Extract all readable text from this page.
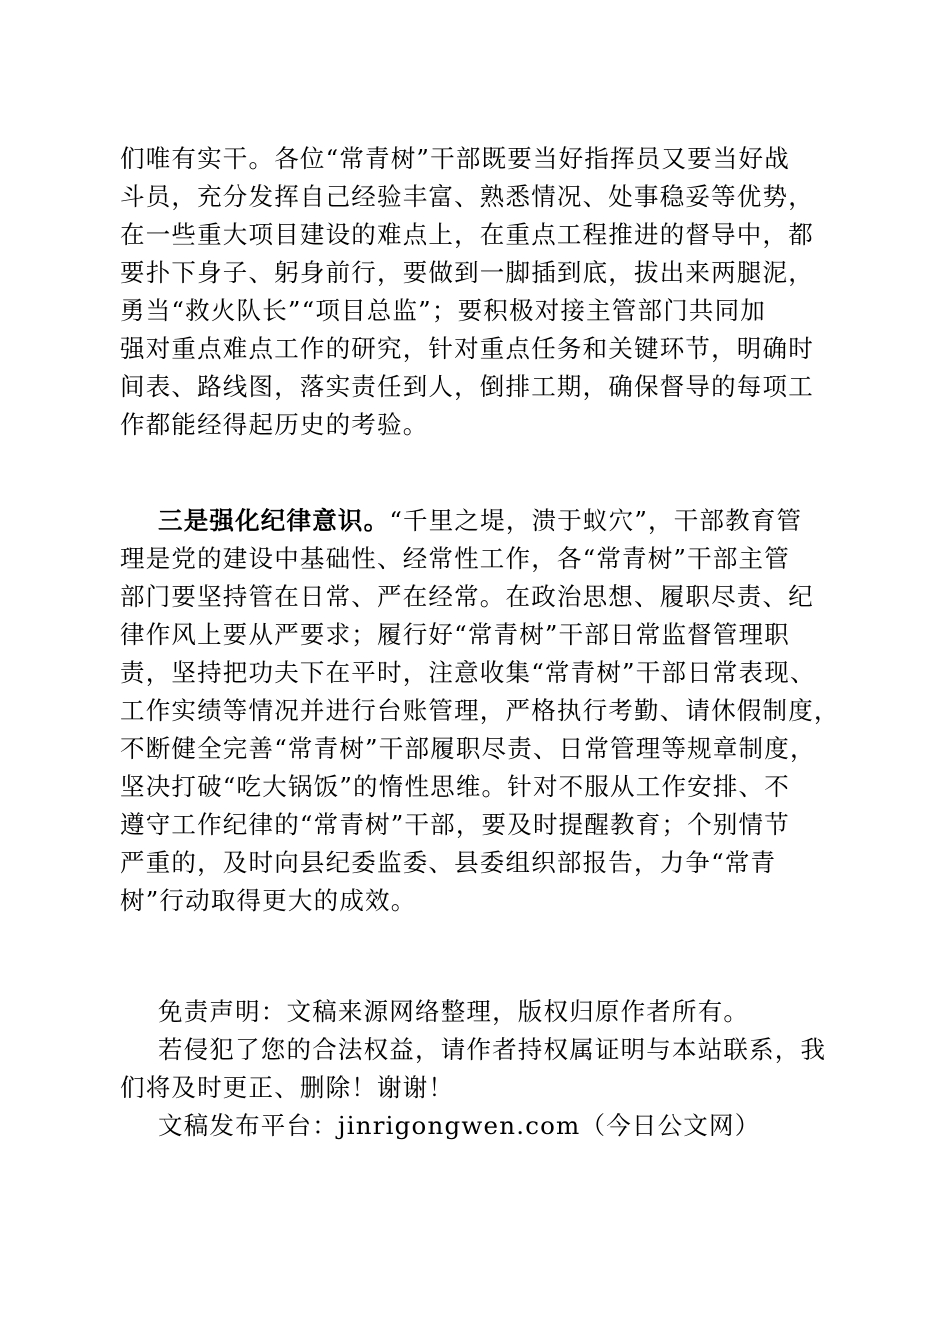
们唯有实干。各位“常青树”干部既要当好指挥员又要当好战
斗员，充分发挥自己经验丰富、熟悉情况、处事稳妥等优势，
在一些重大项目建设的难点上，在重点工程推进的督导中，都
要扑下身子、躬身前行，要做到一脚插到底，拔出来两腿泥，
勇当“救火队长”“项目总监”；要积极对接主管部门共同加
强对重点难点工作的研究，针对重点任务和关键环节，明确时
间表、路线图，落实责任到人，倒排工期，确保督导的每项工
作都能经得起历史的考验。
三是强化纪律意识。“千里之堤，溃于蚁穴”，干部教育管
理是党的建设中基础性、经常性工作，各“常青树”干部主管
部门要坚持管在日常、严在经常。在政治思想、履职尽责、纪
律作风上要从严要求；履行好“常青树”干部日常监督管理职
责，坚持把功夫下在平时，注意收集“常青树”干部日常表现、
工作实绩等情况并进行台账管理，严格执行考勤、请休假制度，
不断健全完善“常青树”干部履职尽责、日常管理等规章制度，
坚决打破“吃大锅饭”的惰性思维。针对不服从工作安排、不
遵守工作纪律的“常青树”干部，要及时提醒教育；个别情节
严重的，及时向县纪委监委、县委组织部报告，力争“常青
树”行动取得更大的成效。
免责声明：文稿来源网络整理，版权归原作者所有。
若侵犯了您的合法权益，请作者持权属证明与本站联系，我
们将及时更正、删除！谢谢！
文稿发布平台：jinrigongwen.com（今日公文网）
